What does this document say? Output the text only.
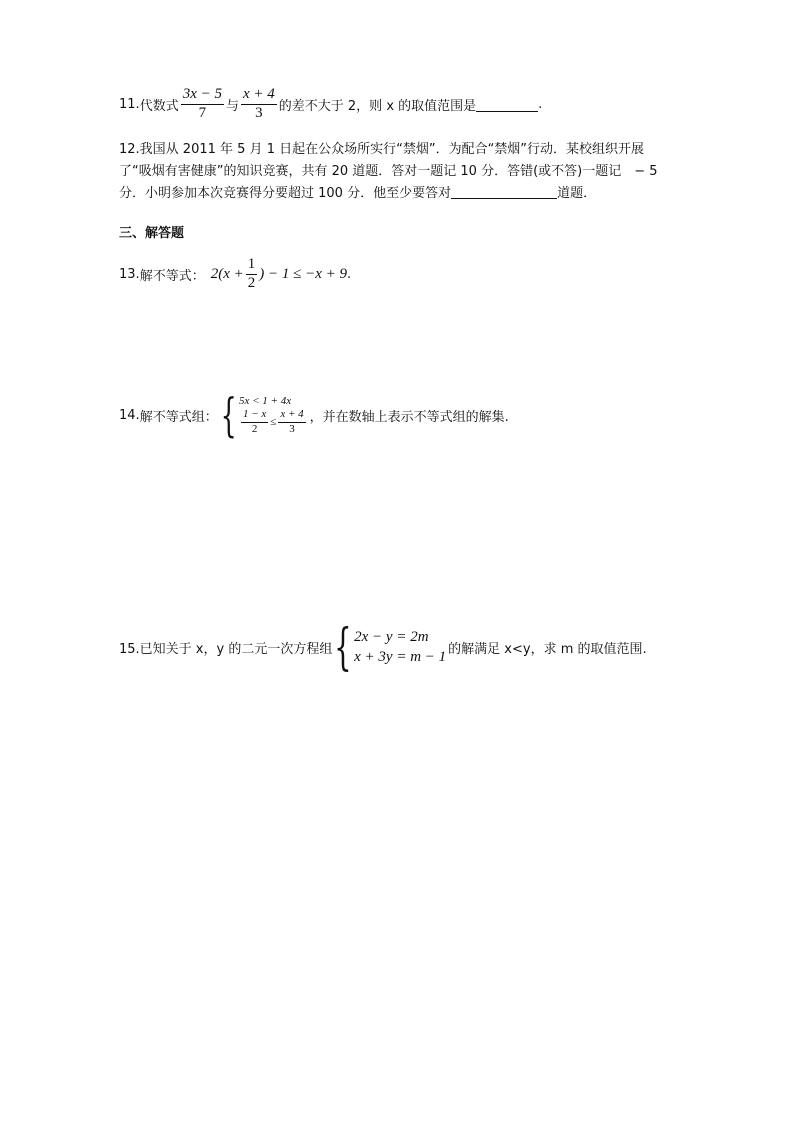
11. 代数式 $\frac{3x - 5}{7}$ 与 $\frac{x + 4}{3}$ 的差不大于 2，则 x 的取值范围是	.
12.我国从 2011 年 5 月 1 日起在公众场所实行“禁烟”．为配合“禁烟”行动．某校组织开展
了“吸烟有害健康”的知识竞赛，共有 20 道题．答对一题记 10 分．答错(或不答)一题记　− 5
分．小明参加本次竞赛得分要超过 100 分．他至少要答对	道题．
三、解答题
13. 解不等式： $2(x + \frac{1}{2}$ ) − 1 ≤ −x + 9 .
14. 解不等式组： { 5x < 1 + 4x
$\frac{1 - x}{2} \le \frac{x + 4}{3}$ ，并在数轴上表示不等式组的解集.
15.已知关于 x，y 的二元一次方程组 { 2x − y = 2m
x + 3y = m − 1 的解满足 x<y，求 m 的取值范围.
